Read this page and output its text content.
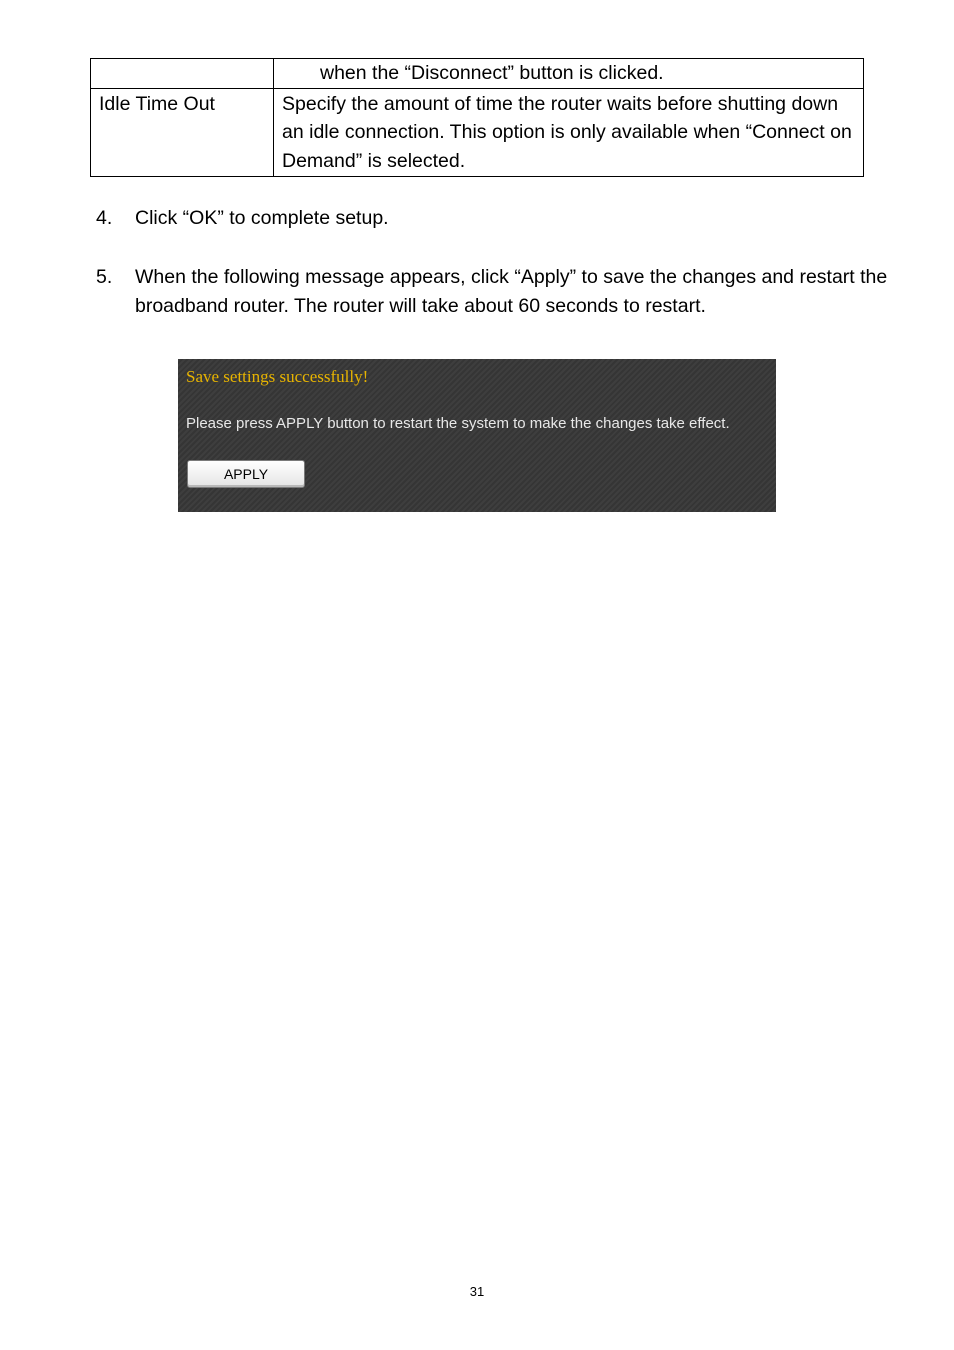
	when the “Disconnect” button is clicked.
Idle Time Out	Specify the amount of time the router waits before shutting down an idle connection. This option is only available when “Connect on Demand” is selected.
4. Click “OK” to complete setup.
5. When the following message appears, click “Apply” to save the changes and restart the broadband router. The router will take about 60 seconds to restart.
Save settings successfully!
Please press APPLY button to restart the system to make the changes take effect.
APPLY
31
